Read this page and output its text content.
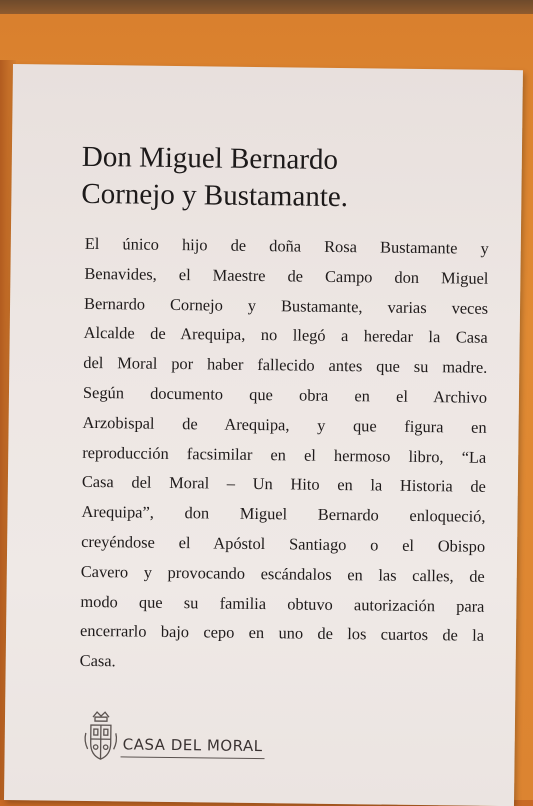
Don Miguel Bernardo
Cornejo y Bustamante.
El único hijo de doña Rosa Bustamante y
Benavides, el Maestre de Campo don Miguel
Bernardo Cornejo y Bustamante, varias veces
Alcalde de Arequipa, no llegó a heredar la Casa
del Moral por haber fallecido antes que su madre.
Según documento que obra en el Archivo
Arzobispal de Arequipa, y que figura en
reproducción facsimilar en el hermoso libro, “La
Casa del Moral – Un Hito en la Historia de
Arequipa”, don Miguel Bernardo enloqueció,
creyéndose el Apóstol Santiago o el Obispo
Cavero y provocando escándalos en las calles, de
modo que su familia obtuvo autorización para
encerrarlo bajo cepo en uno de los cuartos de la
Casa.
CASA DEL MORAL
